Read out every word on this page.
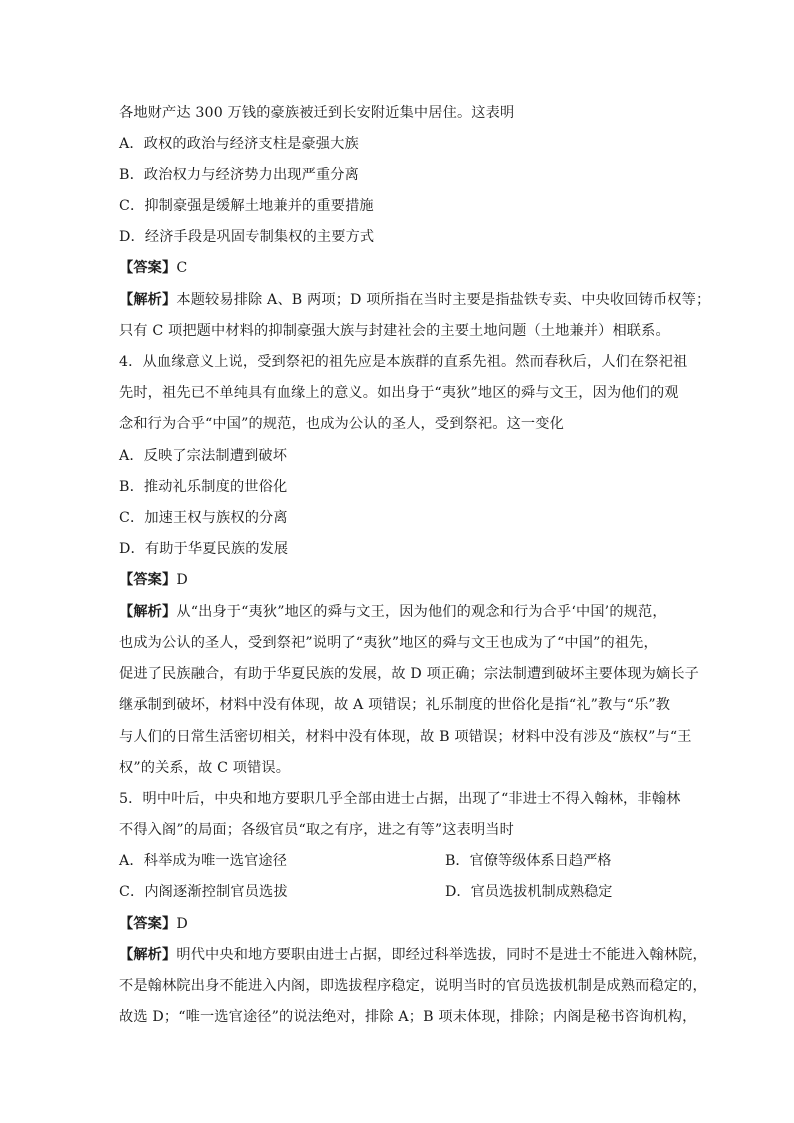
各地财产达 300 万钱的豪族被迁到长安附近集中居住。这表明
A．政权的政治与经济支柱是豪强大族
B．政治权力与经济势力出现严重分离
C．抑制豪强是缓解土地兼并的重要措施
D．经济手段是巩固专制集权的主要方式
【答案】C
【解析】本题较易排除 A、B 两项；D 项所指在当时主要是指盐铁专卖、中央收回铸币权等；
只有 C 项把题中材料的抑制豪强大族与封建社会的主要土地问题（土地兼并）相联系。
4．从血缘意义上说，受到祭祀的祖先应是本族群的直系先祖。然而春秋后，人们在祭祀祖
先时，祖先已不单纯具有血缘上的意义。如出身于“夷狄”地区的舜与文王，因为他们的观
念和行为合乎“中国”的规范，也成为公认的圣人，受到祭祀。这一变化
A．反映了宗法制遭到破坏
B．推动礼乐制度的世俗化
C．加速王权与族权的分离
D．有助于华夏民族的发展
【答案】D
【解析】从“出身于“夷狄”地区的舜与文王，因为他们的观念和行为合乎‘中国’的规范，
也成为公认的圣人，受到祭祀”说明了“夷狄”地区的舜与文王也成为了“中国”的祖先，
促进了民族融合，有助于华夏民族的发展，故 D 项正确；宗法制遭到破坏主要体现为嫡长子
继承制到破坏，材料中没有体现，故 A 项错误；礼乐制度的世俗化是指“礼”教与“乐”教
与人们的日常生活密切相关，材料中没有体现，故 B 项错误；材料中没有涉及“族权”与“王
权”的关系，故 C 项错误。
5．明中叶后，中央和地方要职几乎全部由进士占据，出现了“非进士不得入翰林，非翰林
不得入阁”的局面；各级官员“取之有序，进之有等”这表明当时
A．科举成为唯一选官途径	B．官僚等级体系日趋严格
C．内阁逐渐控制官员选拔	D．官员选拔机制成熟稳定
【答案】D
【解析】明代中央和地方要职由进士占据，即经过科举选拔，同时不是进士不能进入翰林院，
不是翰林院出身不能进入内阁，即选拔程序稳定，说明当时的官员选拔机制是成熟而稳定的，
故选 D；“唯一选官途径”的说法绝对，排除 A；B 项未体现，排除；内阁是秘书咨询机构，
